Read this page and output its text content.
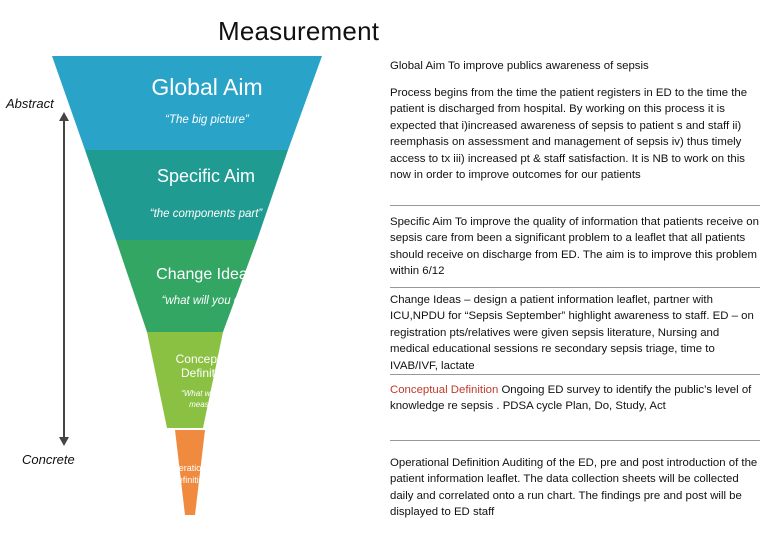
Measurement
Abstract
Concrete
Global Aim
“The big picture”
Specific Aim
“the components part”
Change Ideas
“what will you do”
Conceptual
Definition
“What will you
measure”
Operational
Definition
Global Aim To improve publics awareness of sepsis
Process begins from the time the patient registers in ED to the time the patient is discharged from hospital. By working on this process it is expected that i)increased awareness of sepsis to patient s and staff ii) reemphasis on assessment and management of sepsis iv) thus timely access to tx iii) increased pt & staff satisfaction. It is NB to work on this now in order to improve outcomes for our patients
Specific Aim To improve the quality of information that patients receive on sepsis care from been a significant problem to a leaflet that all patients should receive on discharge from ED. The aim is to improve this problem within 6/12
Change Ideas – design a patient information leaflet, partner with ICU,NPDU for “Sepsis September” highlight awareness to staff. ED – on registration pts/relatives were given sepsis literature, Nursing and medical educational sessions re secondary sepsis triage, time to IVAB/IVF, lactate
Conceptual Definition Ongoing ED survey to identify the public’s level of knowledge re sepsis . PDSA cycle Plan, Do, Study, Act
Operational Definition Auditing of the ED, pre and post introduction of the patient information leaflet. The data collection sheets will be collected daily and correlated onto a run chart. The findings pre and post will be displayed to ED staff
